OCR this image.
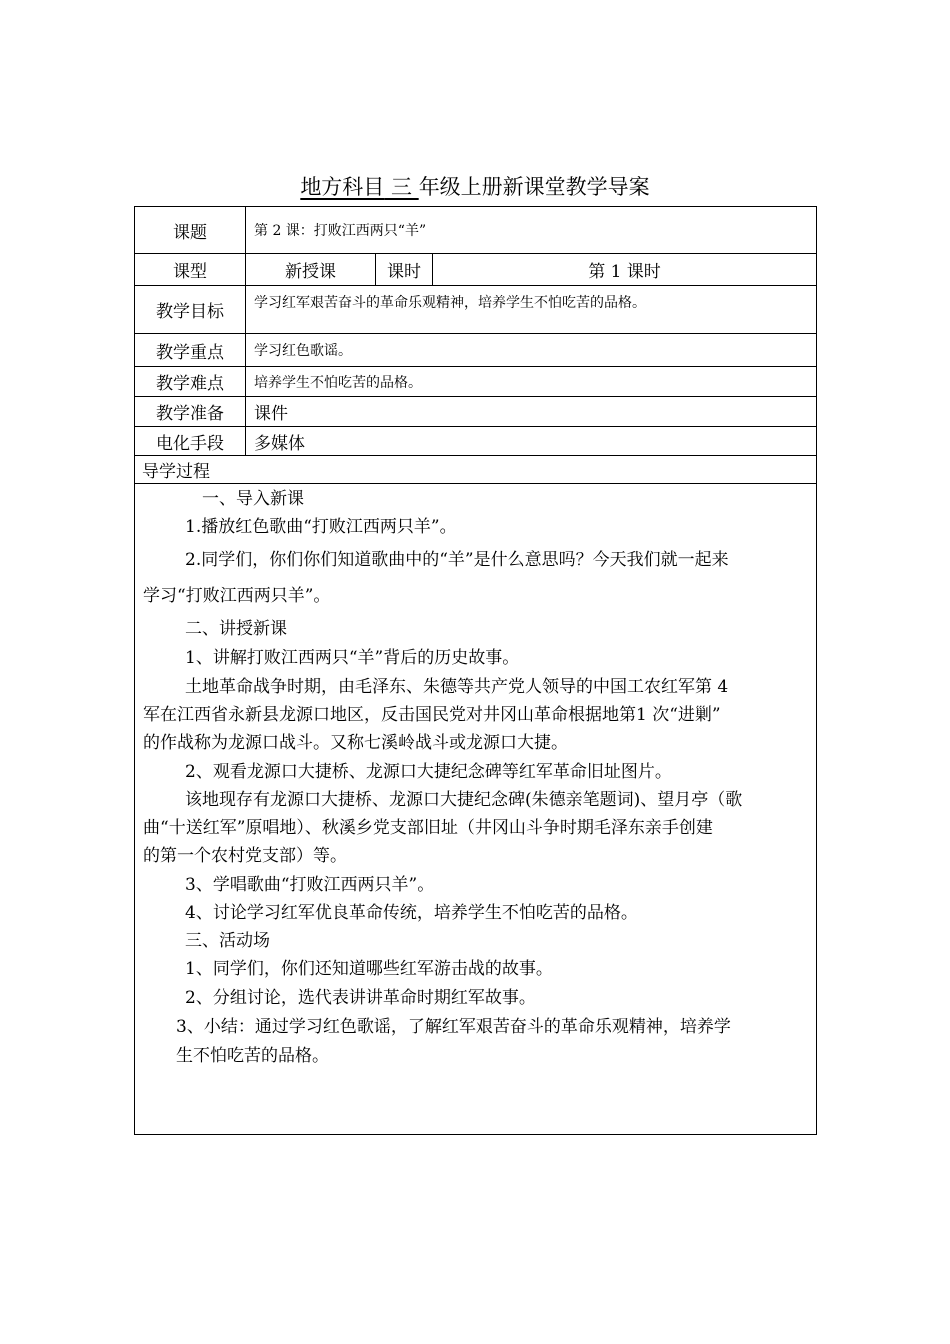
地方科目 三 年级上册新课堂教学导案
课题	第 2 课：打败江西两只“羊”
课型	新授课	课时	第 1 课时
教学目标	学习红军艰苦奋斗的革命乐观精神，培养学生不怕吃苦的品格。
教学重点	学习红色歌谣。
教学难点	培养学生不怕吃苦的品格。
教学准备	课件
电化手段	多媒体
导学过程
一、导入新课
1.播放红色歌曲“打败江西两只羊”。
2.同学们，你们你们知道歌曲中的“羊”是什么意思吗？今天我们就一起来
学习“打败江西两只羊”。
二、讲授新课
1、讲解打败江西两只“羊”背后的历史故事。
土地革命战争时期，由毛泽东、朱德等共产党人领导的中国工农红军第 4
军在江西省永新县龙源口地区，反击国民党对井冈山革命根据地第1 次“进剿”
的作战称为龙源口战斗。又称七溪岭战斗或龙源口大捷。
2、观看龙源口大捷桥、龙源口大捷纪念碑等红军革命旧址图片。
该地现存有龙源口大捷桥、龙源口大捷纪念碑(朱德亲笔题词)、望月亭（歌
曲“十送红军”原唱地）、秋溪乡党支部旧址（井冈山斗争时期毛泽东亲手创建
的第一个农村党支部）等。
3、学唱歌曲“打败江西两只羊”。
4、讨论学习红军优良革命传统，培养学生不怕吃苦的品格。
三、活动场
1、同学们，你们还知道哪些红军游击战的故事。
2、分组讨论，选代表讲讲革命时期红军故事。
3、小结：通过学习红色歌谣，了解红军艰苦奋斗的革命乐观精神，培养学
生不怕吃苦的品格。
